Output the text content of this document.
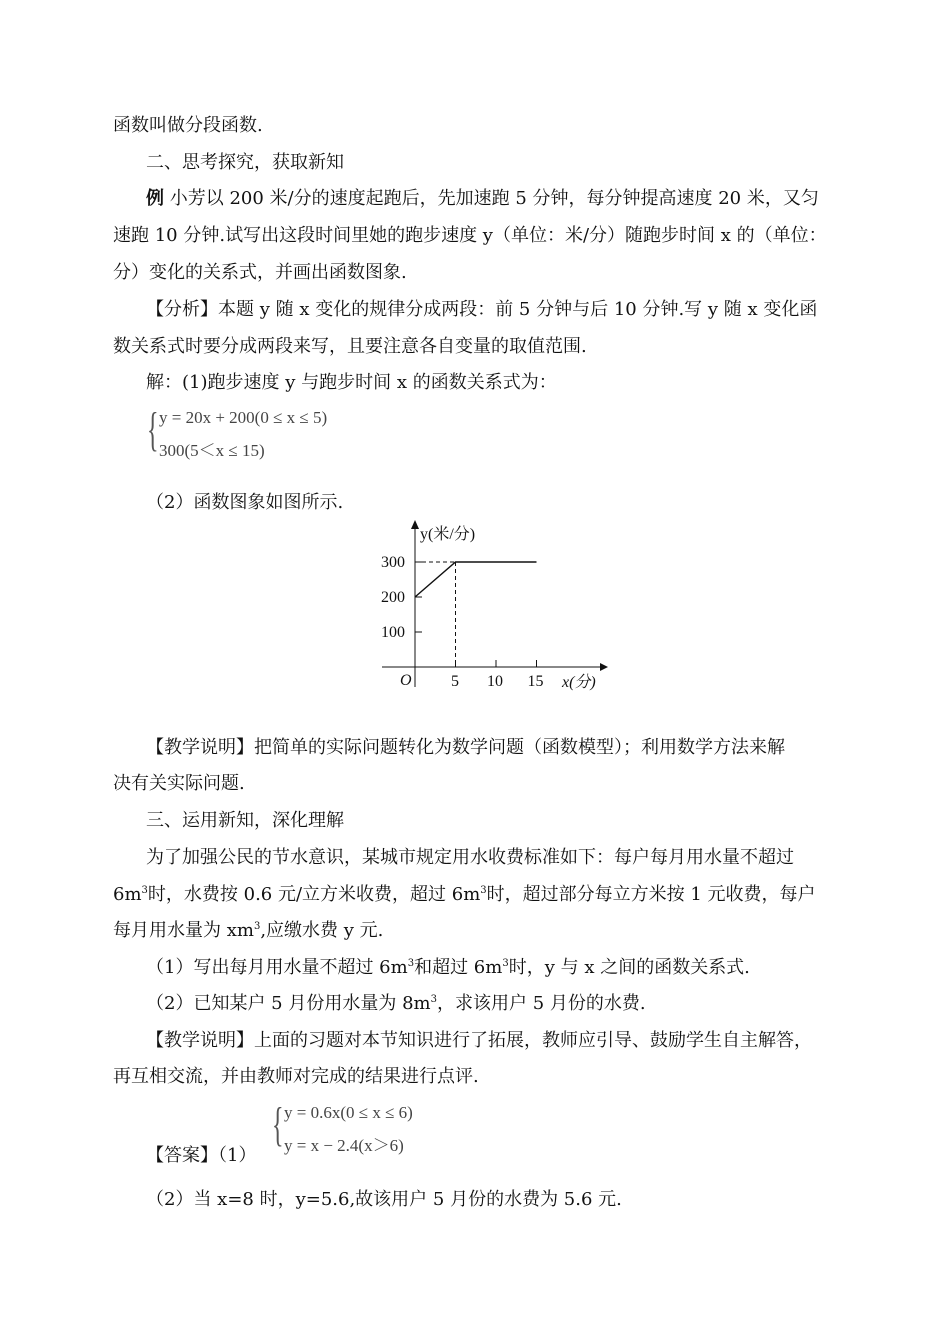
函数叫做分段函数.
二、思考探究，获取新知
例 小芳以 200 米/分的速度起跑后，先加速跑 5 分钟，每分钟提高速度 20 米，又匀
速跑 10 分钟.试写出这段时间里她的跑步速度 y（单位：米/分）随跑步时间 x 的（单位：
分）变化的关系式，并画出函数图象.
【分析】本题 y 随 x 变化的规律分成两段：前 5 分钟与后 10 分钟.写 y 随 x 变化函
数关系式时要分成两段来写，且要注意各自变量的取值范围.
解：(1)跑步速度 y 与跑步时间 x 的函数关系式为：
{ y = 20x + 200(0 ≤ x ≤ 5)
300(5＜x ≤ 15)
（2）函数图象如图所示.
y(米/分)
x(分)
O 5 10 15
100
200
300
【教学说明】把简单的实际问题转化为数学问题（函数模型）；利用数学方法来解
决有关实际问题.
三、运用新知，深化理解
为了加强公民的节水意识，某城市规定用水收费标准如下：每户每月用水量不超过
$6m^3$时，水费按 0.6 元/立方米收费，超过 $6m^3$时，超过部分每立方米按 1 元收费，每户
每月用水量为 $xm^3$,应缴水费 y 元.
（1）写出每月用水量不超过 $6m^3$和超过 $6m^3$时，y 与 x 之间的函数关系式.
（2）已知某户 5 月份用水量为 $8m^3$，求该用户 5 月份的水费.
【教学说明】上面的习题对本节知识进行了拓展，教师应引导、鼓励学生自主解答，
再互相交流，并由教师对完成的结果进行点评.
【答案】（1）
{ y = 0.6x(0 ≤ x ≤ 6)
y = x − 2.4(x＞6)
（2）当 x=8 时，y=5.6,故该用户 5 月份的水费为 5.6 元.
